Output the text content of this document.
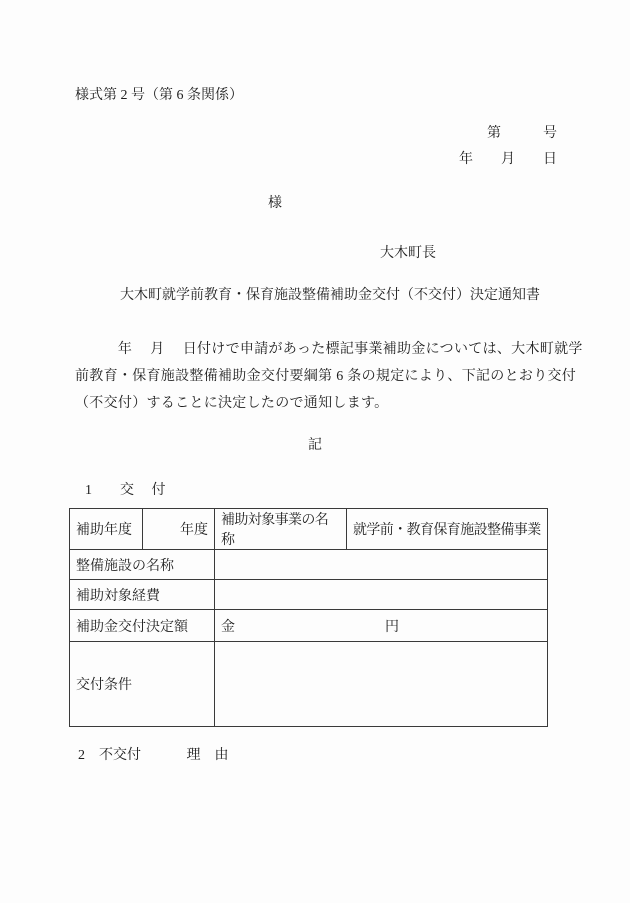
様式第 2 号（第 6 条関係）
第　　　号
年　　月　　日
様
大木町長
大木町就学前教育・保育施設整備補助金交付（不交付）決定通知書
　　　年　 月　 日付けで申請があった標記事業補助金については、大木町就学
前教育・保育施設整備補助金交付要綱第 6 条の規定により、下記のとおり交付
（不交付）することに決定したので通知します。
記
1　　交　 付
補助年度	年度	補助対象事業の名称	就学前・教育保育施設整備事業
整備施設の名称			
補助対象経費			
補助金交付決定額		金 円	

交付条件			
2　不交付　　　 理　由
